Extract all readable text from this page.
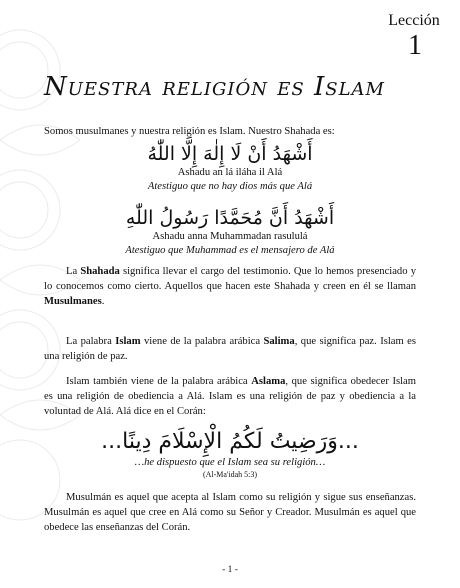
Lección
1
Nuestra religión es Islam
Somos musulmanes y nuestra religión es Islam. Nuestro Shahada es:
أَشْهَدُ أَنْ لَا إِلٰهَ إِلَّا اللّٰهُ
Ashadu an lá iláha il Alá
Atestiguo que no hay dios más que Alá
أَشْهَدُ أَنَّ مُحَمَّدًا رَسُولُ اللّٰهِ
Ashadu anna Muhammadan rasululá
Atestiguo que Muhammad es el mensajero de Alá

La Shahada significa llevar el cargo del testimonio. Que lo hemos presenciado y lo conocemos como cierto. Aquellos que hacen este Shahada y creen en él se llaman Musulmanes.

La palabra Islam viene de la palabra arábica Salima, que significa paz. Islam es una religión de paz.

Islam también viene de la palabra arábica Aslama, que significa obedecer Islam es una religión de obediencia a Alá. Islam es una religión de paz y obediencia a la voluntad de Alá. Alá dice en el Corán:

...وَرَضِيتُ لَكُمُ الْإِسْلَامَ دِينًا...
…he dispuesto que el Islam sea su religión…
(Al-Ma'idah 5:3)

Musulmán es aquel que acepta al Islam como su religión y sigue sus enseñanzas. Musulmán es aquel que cree en Alá como su Señor y Creador. Musulmán es aquel que obedece las enseñanzas del Corán.

- 1 -
